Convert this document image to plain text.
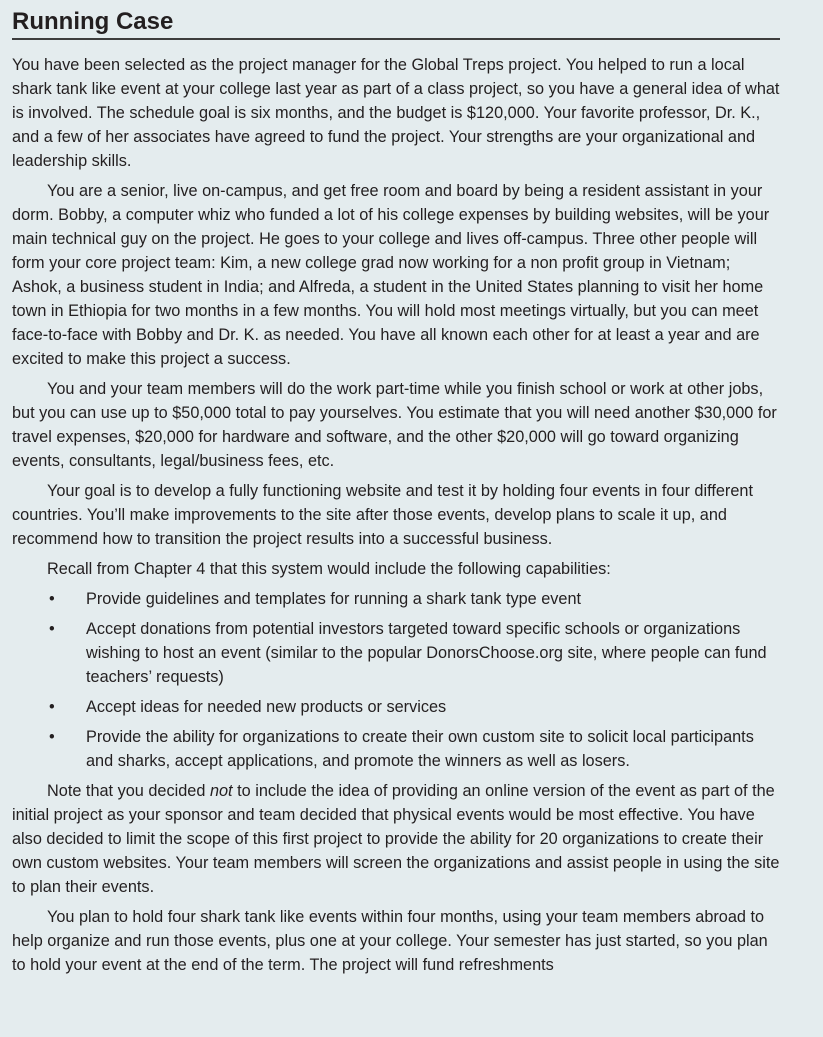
Running Case

You have been selected as the project manager for the Global Treps project. You helped to run a local shark tank like event at your college last year as part of a class project, so you have a general idea of what is involved. The schedule goal is six months, and the budget is $120,000. Your favorite professor, Dr. K., and a few of her associates have agreed to fund the project. Your strengths are your organizational and leadership skills.

You are a senior, live on-campus, and get free room and board by being a resident assistant in your dorm. Bobby, a computer whiz who funded a lot of his college expenses by building websites, will be your main technical guy on the project. He goes to your college and lives off-campus. Three other people will form your core project team: Kim, a new college grad now working for a non profit group in Vietnam; Ashok, a business student in India; and Alfreda, a student in the United States planning to visit her home town in Ethiopia for two months in a few months. You will hold most meetings virtually, but you can meet face-to-face with Bobby and Dr. K. as needed. You have all known each other for at least a year and are excited to make this project a success.

You and your team members will do the work part-time while you finish school or work at other jobs, but you can use up to $50,000 total to pay yourselves. You estimate that you will need another $30,000 for travel expenses, $20,000 for hardware and software, and the other $20,000 will go toward organizing events, consultants, legal/business fees, etc.

Your goal is to develop a fully functioning website and test it by holding four events in four different countries. You’ll make improvements to the site after those events, develop plans to scale it up, and recommend how to transition the project results into a successful business.

Recall from Chapter 4 that this system would include the following capabilities:

• Provide guidelines and templates for running a shark tank type event
• Accept donations from potential investors targeted toward specific schools or organizations wishing to host an event (similar to the popular DonorsChoose.org site, where people can fund teachers’ requests)
• Accept ideas for needed new products or services
• Provide the ability for organizations to create their own custom site to solicit local participants and sharks, accept applications, and promote the winners as well as losers.

Note that you decided not to include the idea of providing an online version of the event as part of the initial project as your sponsor and team decided that physical events would be most effective. You have also decided to limit the scope of this first project to provide the ability for 20 organizations to create their own custom websites. Your team members will screen the organizations and assist people in using the site to plan their events.

You plan to hold four shark tank like events within four months, using your team members abroad to help organize and run those events, plus one at your college. Your semester has just started, so you plan to hold your event at the end of the term. The project will fund refreshments
